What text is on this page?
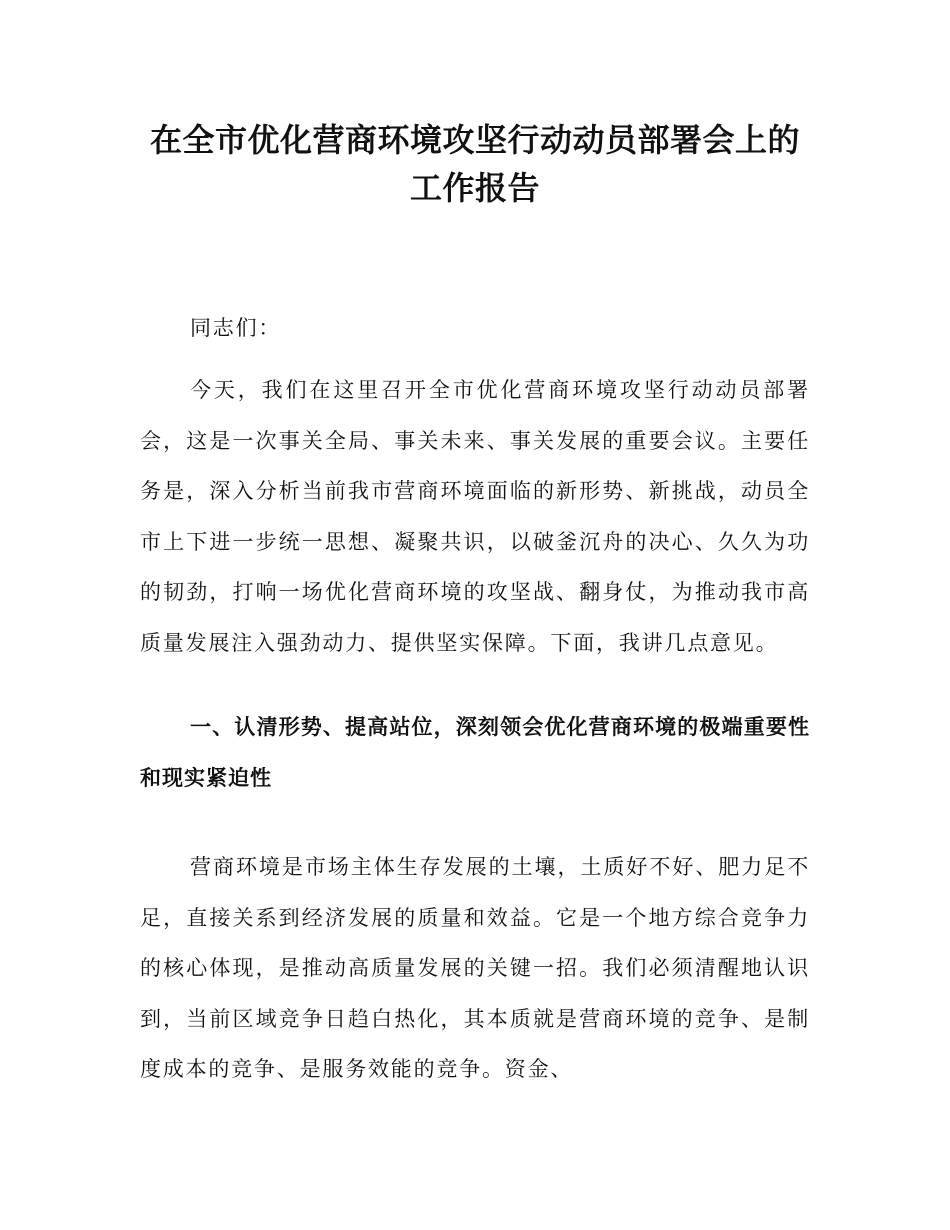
在全市优化营商环境攻坚行动动员部署会上的工作报告

同志们：

今天，我们在这里召开全市优化营商环境攻坚行动动员部署会，这是一次事关全局、事关未来、事关发展的重要会议。主要任务是，深入分析当前我市营商环境面临的新形势、新挑战，动员全市上下进一步统一思想、凝聚共识，以破釜沉舟的决心、久久为功的韧劲，打响一场优化营商环境的攻坚战、翻身仗，为推动我市高质量发展注入强劲动力、提供坚实保障。下面，我讲几点意见。

一、认清形势、提高站位，深刻领会优化营商环境的极端重要性和现实紧迫性

营商环境是市场主体生存发展的土壤，土质好不好、肥力足不足，直接关系到经济发展的质量和效益。它是一个地方综合竞争力的核心体现，是推动高质量发展的关键一招。我们必须清醒地认识到，当前区域竞争日趋白热化，其本质就是营商环境的竞争、是制度成本的竞争、是服务效能的竞争。资金、
